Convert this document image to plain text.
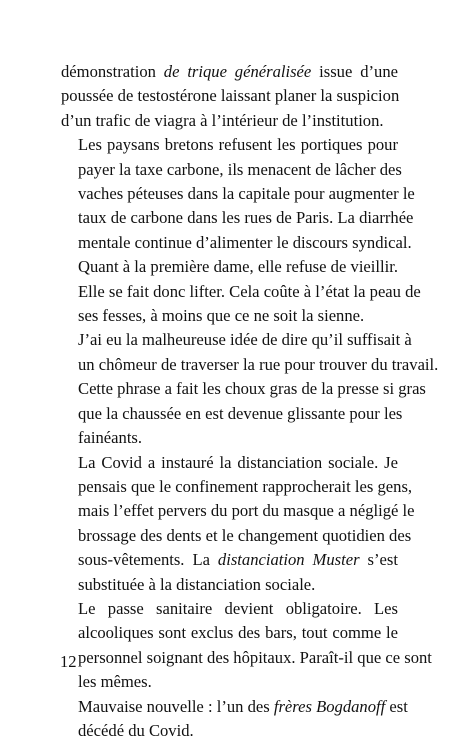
démonstration de trique généralisée issue d’une
poussée de testostérone laissant planer la suspicion
d’un trafic de viagra à l’intérieur de l’institution.

Les paysans bretons refusent les portiques pour
payer la taxe carbone, ils menacent de lâcher des
vaches péteuses dans la capitale pour augmenter le
taux de carbone dans les rues de Paris. La diarrhée
mentale continue d’alimenter le discours syndical.

Quant à la première dame, elle refuse de vieillir.
Elle se fait donc lifter. Cela coûte à l’état la peau de
ses fesses, à moins que ce ne soit la sienne.

J’ai eu la malheureuse idée de dire qu’il suffisait à
un chômeur de traverser la rue pour trouver du travail.
Cette phrase a fait les choux gras de la presse si gras
que la chaussée en est devenue glissante pour les
fainéants.

La Covid a instauré la distanciation sociale. Je
pensais que le confinement rapprocherait les gens,
mais l’effet pervers du port du masque a négligé le
brossage des dents et le changement quotidien des
sous-vêtements. La distanciation Muster s’est
substituée à la distanciation sociale.

Le passe sanitaire devient obligatoire. Les
alcooliques sont exclus des bars, tout comme le
personnel soignant des hôpitaux. Paraît-il que ce sont
les mêmes.

Mauvaise nouvelle : l’un des frères Bogdanoff est
décédé du Covid.

12
